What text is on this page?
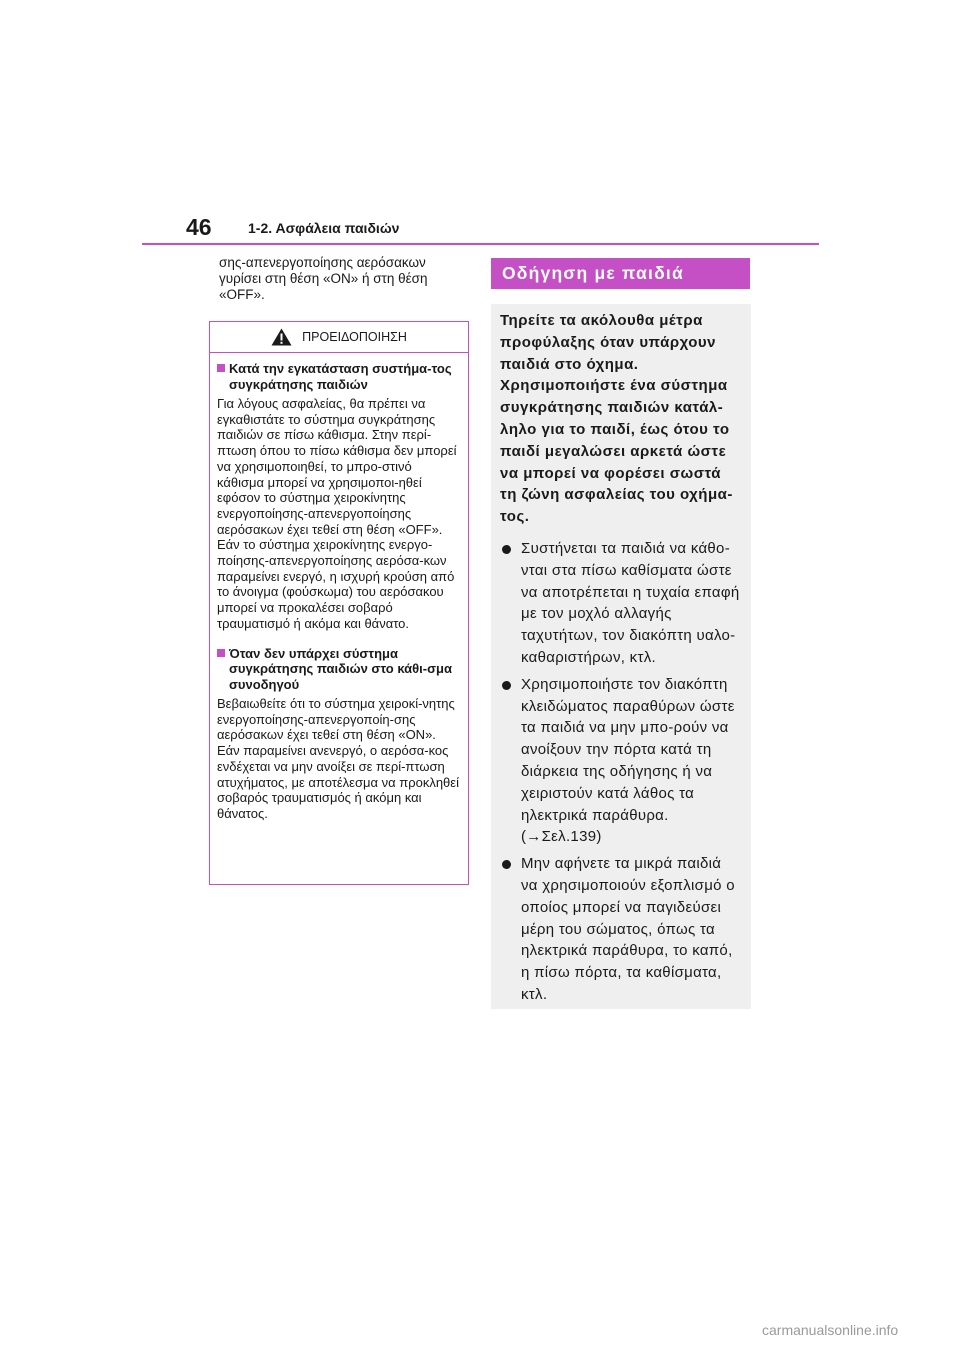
46	1-2. Ασφάλεια παιδιών

σης-απενεργοποίησης αερόσακων γυρίσει στη θέση «ON» ή στη θέση «OFF».

ΠΡΟΕΙΔΟΠΟΙΗΣΗ
Κατά την εγκατάσταση συστήμα-τος συγκράτησης παιδιών

Για λόγους ασφαλείας, θα πρέπει να εγκαθιστάτε το σύστημα συγκράτησης παιδιών σε πίσω κάθισμα. Στην περί-πτωση όπου το πίσω κάθισμα δεν μπορεί να χρησιμοποιηθεί, το μπρο-στινό κάθισμα μπορεί να χρησιμοποι-ηθεί εφόσον το σύστημα χειροκίνητης ενεργοποίησης-απενεργοποίησης αερόσακων έχει τεθεί στη θέση «OFF».
Εάν το σύστημα χειροκίνητης ενεργο-ποίησης-απενεργοποίησης αερόσα-κων παραμείνει ενεργό, η ισχυρή κρούση από το άνοιγμα (φούσκωμα) του αερόσακου μπορεί να προκαλέσει σοβαρό τραυματισμό ή ακόμα και θάνατο.

Όταν δεν υπάρχει σύστημα συγκράτησης παιδιών στο κάθι-σμα συνοδηγού

Βεβαιωθείτε ότι το σύστημα χειροκί-νητης ενεργοποίησης-απενεργοποίη-σης αερόσακων έχει τεθεί στη θέση «ON».
Εάν παραμείνει ανενεργό, ο αερόσα-κος ενδέχεται να μην ανοίξει σε περί-πτωση ατυχήματος, με αποτέλεσμα να προκληθεί σοβαρός τραυματισμός ή ακόμη και θάνατος.

Οδήγηση με παιδιά

Τηρείτε τα ακόλουθα μέτρα προφύλαξης όταν υπάρχουν παιδιά στο όχημα. Χρησιμοποιήστε ένα σύστημα συγκράτησης παιδιών κατάλ-ληλο για το παιδί, έως ότου το παιδί μεγαλώσει αρκετά ώστε να μπορεί να φορέσει σωστά τη ζώνη ασφαλείας του οχήμα-τος.

Συστήνεται τα παιδιά να κάθο-νται στα πίσω καθίσματα ώστε να αποτρέπεται η τυχαία επαφή με τον μοχλό αλλαγής ταχυτήτων, τον διακόπτη υαλο-καθαριστήρων, κτλ.
Χρησιμοποιήστε τον διακόπτη κλειδώματος παραθύρων ώστε τα παιδιά να μην μπο-ρούν να ανοίξουν την πόρτα κατά τη διάρκεια της οδήγησης ή να χειριστούν κατά λάθος τα ηλεκτρικά παράθυρα.
(→Σελ.139)
Μην αφήνετε τα μικρά παιδιά να χρησιμοποιούν εξοπλισμό ο οποίος μπορεί να παγιδεύσει μέρη του σώματος, όπως τα ηλεκτρικά παράθυρα, το καπό, η πίσω πόρτα, τα καθίσματα, κτλ.
carmanualsonline.info
